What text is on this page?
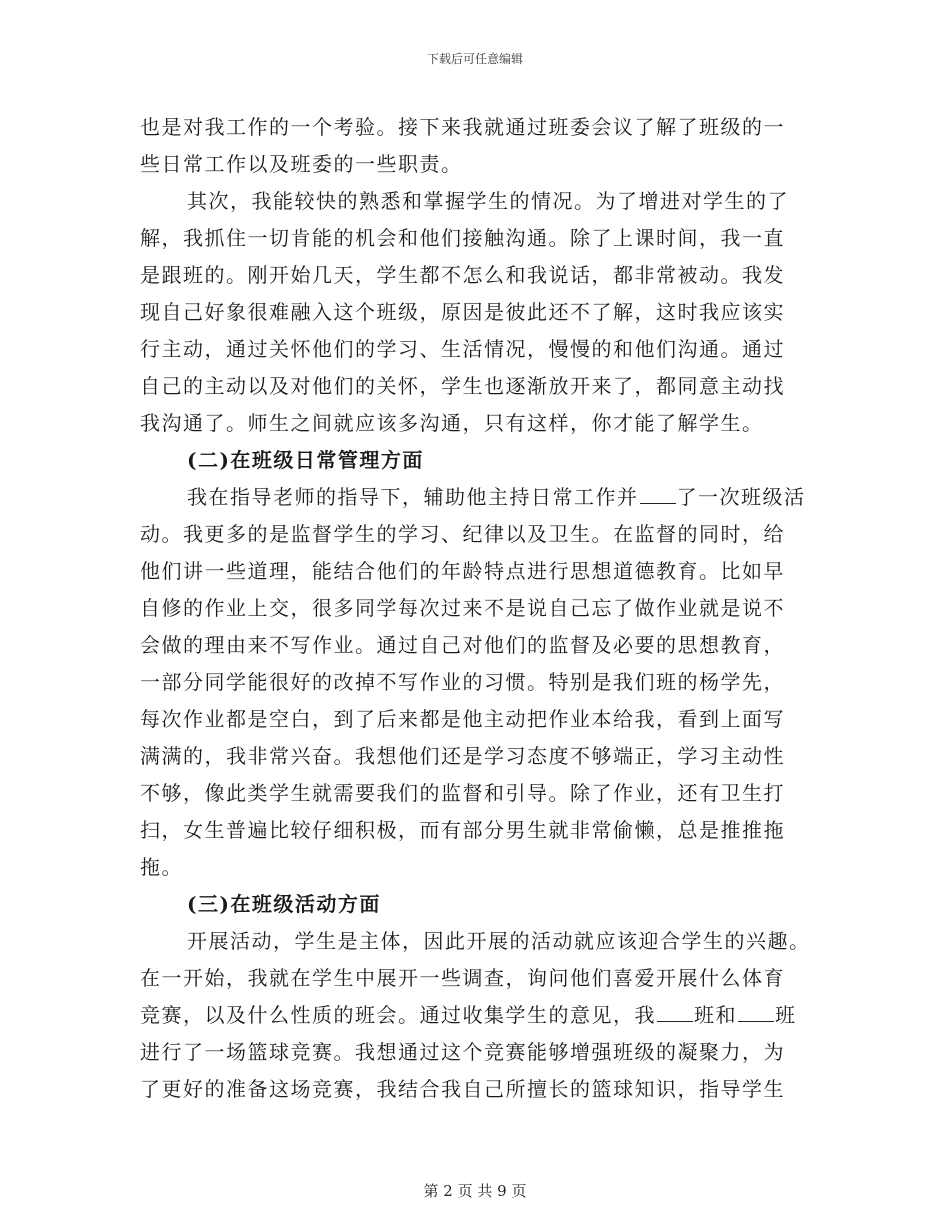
下载后可任意编辑
也是对我工作的一个考验。接下来我就通过班委会议了解了班级的一
些日常工作以及班委的一些职责。
其次，我能较快的熟悉和掌握学生的情况。为了增进对学生的了
解，我抓住一切肯能的机会和他们接触沟通。除了上课时间，我一直
是跟班的。刚开始几天，学生都不怎么和我说话，都非常被动。我发
现自己好象很难融入这个班级，原因是彼此还不了解，这时我应该实
行主动，通过关怀他们的学习、生活情况，慢慢的和他们沟通。通过
自己的主动以及对他们的关怀，学生也逐渐放开来了，都同意主动找
我沟通了。师生之间就应该多沟通，只有这样，你才能了解学生。
(二)在班级日常管理方面
我在指导老师的指导下，辅助他主持日常工作并 了一次班级活
动。我更多的是监督学生的学习、纪律以及卫生。在监督的同时，给
他们讲一些道理，能结合他们的年龄特点进行思想道德教育。比如早
自修的作业上交，很多同学每次过来不是说自己忘了做作业就是说不
会做的理由来不写作业。通过自己对他们的监督及必要的思想教育，
一部分同学能很好的改掉不写作业的习惯。特别是我们班的杨学先，
每次作业都是空白，到了后来都是他主动把作业本给我，看到上面写
满满的，我非常兴奋。我想他们还是学习态度不够端正，学习主动性
不够，像此类学生就需要我们的监督和引导。除了作业，还有卫生打
扫，女生普遍比较仔细积极，而有部分男生就非常偷懒，总是推推拖
拖。
(三)在班级活动方面
开展活动，学生是主体，因此开展的活动就应该迎合学生的兴趣。
在一开始，我就在学生中展开一些调查，询问他们喜爱开展什么体育
竞赛，以及什么性质的班会。通过收集学生的意见，我 班和 班
进行了一场篮球竞赛。我想通过这个竞赛能够增强班级的凝聚力，为
了更好的准备这场竞赛，我结合我自己所擅长的篮球知识，指导学生
第 2 页 共 9 页
